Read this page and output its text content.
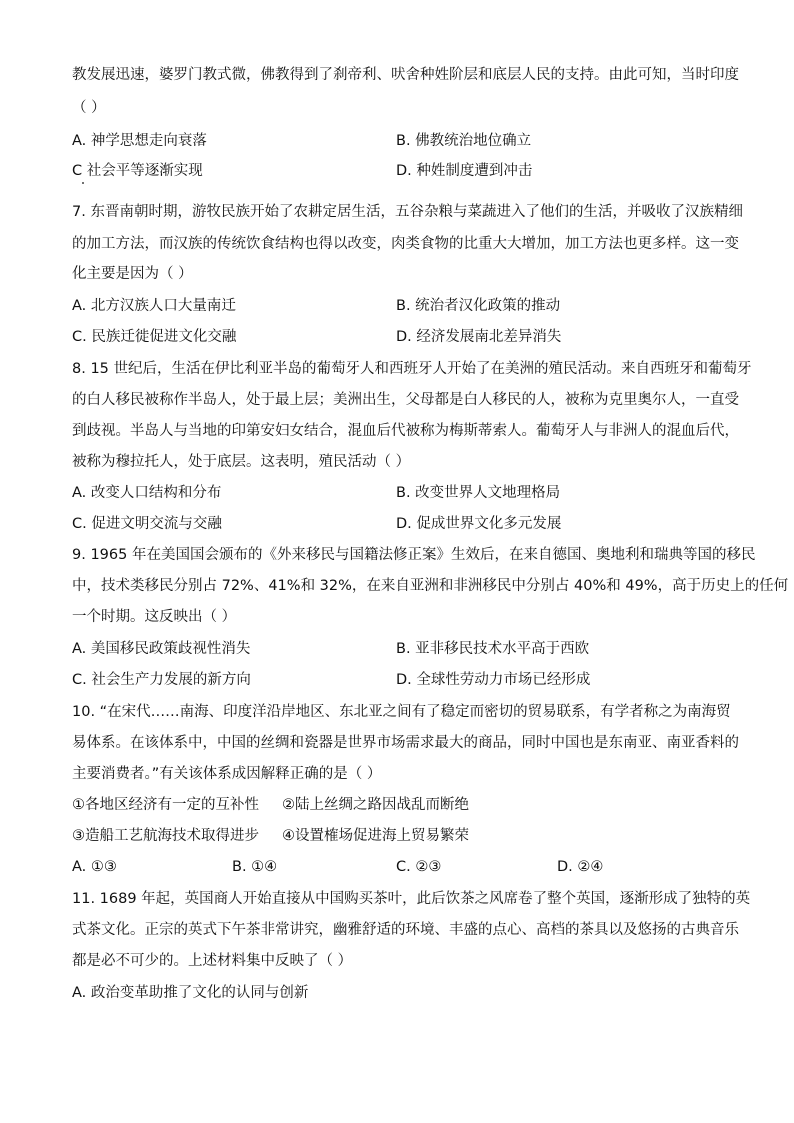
教发展迅速，婆罗门教式微，佛教得到了刹帝利、吠舍种姓阶层和底层人民的支持。由此可知，当时印度
（ ）
A. 神学思想走向衰落	B. 佛教统治地位确立
C 社会平等逐渐实现	D. 种姓制度遭到冲击
7. 东晋南朝时期，游牧民族开始了农耕定居生活，五谷杂粮与菜蔬进入了他们的生活，并吸收了汉族精细
的加工方法，而汉族的传统饮食结构也得以改变，肉类食物的比重大大增加，加工方法也更多样。这一变
化主要是因为（ ）
A. 北方汉族人口大量南迁	B. 统治者汉化政策的推动
C. 民族迁徙促进文化交融	D. 经济发展南北差异消失
8. 15 世纪后，生活在伊比利亚半岛的葡萄牙人和西班牙人开始了在美洲的殖民活动。来自西班牙和葡萄牙
的白人移民被称作半岛人，处于最上层；美洲出生，父母都是白人移民的人，被称为克里奥尔人，一直受
到歧视。半岛人与当地的印第安妇女结合，混血后代被称为梅斯蒂索人。葡萄牙人与非洲人的混血后代，
被称为穆拉托人，处于底层。这表明，殖民活动（ ）
A. 改变人口结构和分布	B. 改变世界人文地理格局
C. 促进文明交流与交融	D. 促成世界文化多元发展
9. 1965 年在美国国会颁布的《外来移民与国籍法修正案》生效后，在来自德国、奥地利和瑞典等国的移民
中，技术类移民分别占 72%、41%和 32%，在来自亚洲和非洲移民中分别占 40%和 49%，高于历史上的任何
一个时期。这反映出（ ）
A. 美国移民政策歧视性消失	B. 亚非移民技术水平高于西欧
C. 社会生产力发展的新方向	D. 全球性劳动力市场已经形成
10. “在宋代……南海、印度洋沿岸地区、东北亚之间有了稳定而密切的贸易联系，有学者称之为南海贸
易体系。在该体系中，中国的丝绸和瓷器是世界市场需求最大的商品，同时中国也是东南亚、南亚香料的
主要消费者。”有关该体系成因解释正确的是（ ）
①各地区经济有一定的互补性 ②陆上丝绸之路因战乱而断绝
③造船工艺航海技术取得进步 ④设置榷场促进海上贸易繁荣
A. ①③	B. ①④	C. ②③	D. ②④
11. 1689 年起，英国商人开始直接从中国购买茶叶，此后饮茶之风席卷了整个英国，逐渐形成了独特的英
式茶文化。正宗的英式下午茶非常讲究，幽雅舒适的环境、丰盛的点心、高档的茶具以及悠扬的古典音乐
都是必不可少的。上述材料集中反映了（ ）
A. 政治变革助推了文化的认同与创新
